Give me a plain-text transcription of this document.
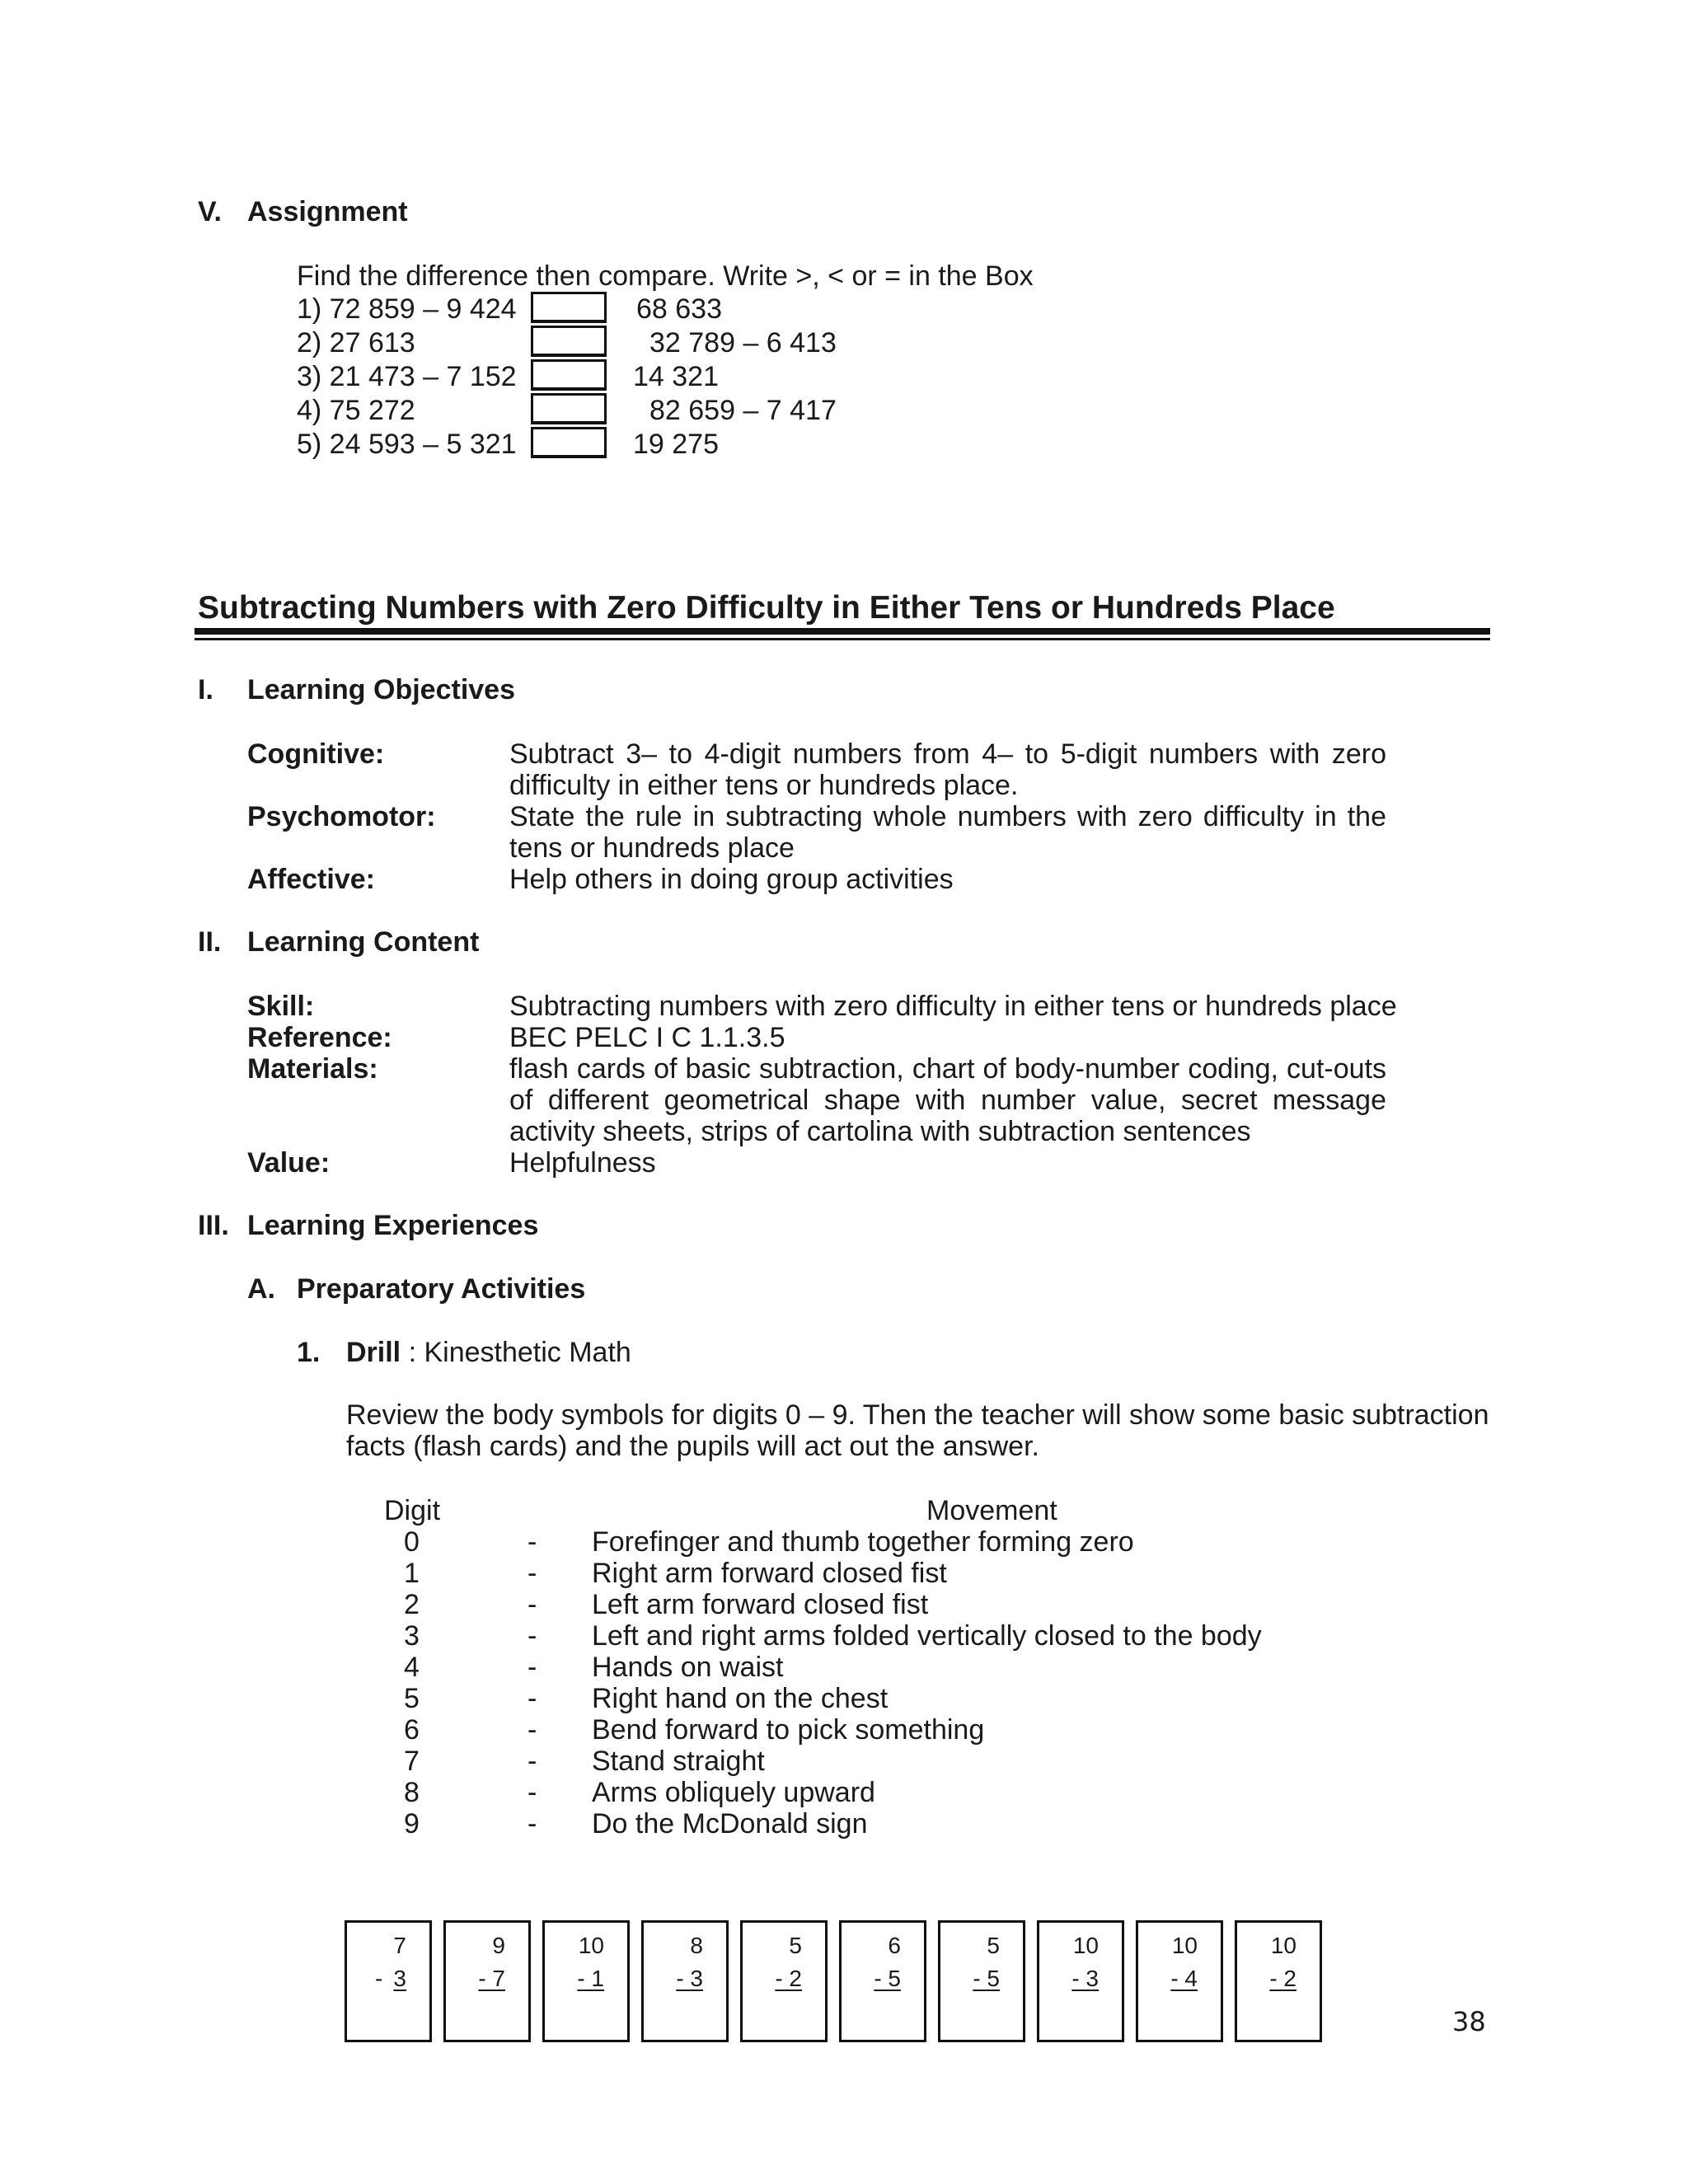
V. Assignment
Find the difference then compare. Write >, < or = in the Box
1) 72 859 – 9 424	68 633
2) 27 613	32 789 – 6 413
3) 21 473 – 7 152	14 321
4) 75 272	82 659 – 7 417
5) 24 593 – 5 321	19 275
Subtracting Numbers with Zero Difficulty in Either Tens or Hundreds Place
I. Learning Objectives
Cognitive:	Subtract 3– to 4-digit numbers from 4– to 5-digit numbers with zero
difficulty in either tens or hundreds place.
Psychomotor:	State the rule in subtracting whole numbers with zero difficulty in the
tens or hundreds place
Affective:	Help others in doing group activities
II. Learning Content
Skill:	Subtracting numbers with zero difficulty in either tens or hundreds place
Reference:	BEC PELC I C 1.1.3.5
Materials:	flash cards of basic subtraction, chart of body-number coding, cut-outs
of different geometrical shape with number value, secret message
activity sheets, strips of cartolina with subtraction sentences
Value:	Helpfulness
III. Learning Experiences
A. Preparatory Activities
1. Drill : Kinesthetic Math
Review the body symbols for digits 0 – 9. Then the teacher will show some basic subtraction
facts (flash cards) and the pupils will act out the answer.
Digit	Movement
0	- Forefinger and thumb together forming zero
1	- Right arm forward closed fist
2	- Left arm forward closed fist
3	- Left and right arms folded vertically closed to the body
4	- Hands on waist
5	- Right hand on the chest
6	- Bend forward to pick something
7	- Stand straight
8	- Arms obliquely upward
9	- Do the McDonald sign
7
- 3
9
- 7
10
- 1
8
- 3
5
- 2
6
- 5
5
- 5
10
- 3
10
- 4
10
- 2
38
